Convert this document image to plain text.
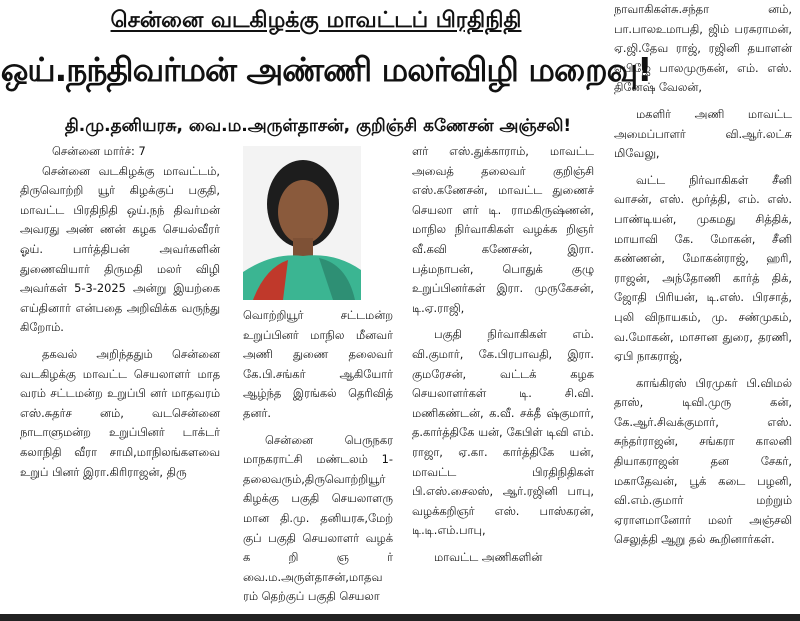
சென்னை வடகிழக்கு மாவட்டப் பிரதிநிதி
ஒய்.நந்திவர்மன் அண்ணி மலர்விழி மறைவு!
தி.மு.தனியரசு, வை.ம.அருள்தாசன், குறிஞ்சி கணேசன் அஞ்சலி!
சென்னை மார்ச்: 7

சென்னை வடகிழக்கு மாவட்டம், திருவொற்றி யூர் கிழக்குப் பகுதி, மாவட்ட பிரதிநிதி ஒய்.நந் திவர்மன் அவரது அண் ணன் கழக செயல்வீரர் ஓய். பார்த்திபன் அவர்களின் துணைவியார் திருமதி மலர் விழி அவர்கள் 5-3-2025 அன்று இயற்கை எய்தினார் என்பதை அறிவிக்க வருந்து கிறோம்.

தகவல் அறிந்ததும் சென்னை வடகிழக்கு மாவட்ட செயலாளர் மாத வரம் சட்டமன்ற உறுப்பி னர் மாதவரம் எஸ்.சுதர்ச னம், வடசென்னை நாடாளுமன்ற உறுப்பினர் டாக்டர் கலாநிதி வீரா சாமி,மாநிலங்களவை உறுப் பினர் இரா.கிரிராஜன், திரு

வொற்றியூர் சட்டமன்ற உறுப்பினர் மாநில மீனவர் அணி துணை தலைவர் கே.பி.சங்கர் ஆகியோர் ஆழ்ந்த இரங்கல் தெரிவித் தனர்.

சென்னை பெருநகர மாநகராட்சி மண்டலம் 1- தலைவரும்,திருவொற்றியூர் கிழக்கு பகுதி செயலாளரு மான தி.மு. தனியரசு,மேற் குப் பகுதி செயலாளர் வழக் க றி ஞ ர் வை.ம.அருள்தாசன்,மாதவ ரம் தெற்குப் பகுதி செயலா

ளர் எஸ்.துக்காராம், மாவட்ட அவைத் தலைவர் குறிஞ்சி எஸ்.கணேசன், மாவட்ட துணைச் செயலா ளர் டி. ராமகிருஷ்ணன், மாநில நிர்வாகிகள் வழக்க றிஞர் வீ.கவி கணேசன், இரா. பத்மநாபன், பொதுக் குழு உறுப்பினர்கள் இரா. முருகேசன், டி.ஏ.ராஜி,

பகுதி நிர்வாகிகள் எம். வி.குமார், கே.பிரபாவதி, இரா. குமரேசன், வட்டக் கழக செயலாளர்கள் டி. சி.வி. மணிகண்டன், க.வீ. சக்தீ ஷ்குமார், த.கார்த்திகே யன், கேபிள் டிவி எம். ராஜா, ஏ.கா. கார்த்திகே யன், மாவட்ட பிரதிநிதிகள் பி.எஸ்.சைலஸ், ஆர்.ரஜினி பாபு, வழக்கறிஞர் எஸ். பாஸ்கரன், டி.டி.எம்.பாபு,

மாவட்ட அணிகளின்

நாவாகிகள்சு.சந்தா னம், பா.பாலஉமாபதி, ஜிம் பரசுராமன், ஏ.ஜி.தேவ ராஜ், ரஜினி தயாளன் ஏபிஜே பாலமுருகன், எம். எஸ். தினேஷ் வேலன்,

மகளிர் அணி மாவட்ட அமைப்பாளர் வி.ஆர்.லட்சு மிவேலு,

வட்ட நிர்வாகிகள் சீனி வாசன், எஸ். மூர்த்தி, எம். எஸ். பாண்டியன், முகமது சித்திக், மாயாவி கே. மோகன், சீனி கண்ணன், மோகன்ராஜ், ஹரி, ராஜன், அந்தோணி கார்த் திக், ஜோதி பிரியன், டி.எஸ். பிரசாத், புலி விநாயகம், மு. சண்முகம், வ.மோகன், மாசான துரை, தரணி, ஏபி நாகராஜ்,

காங்கிரஸ் பிரமுகர் பி.விமல் தாஸ், டிவி.முரு கன், கே.ஆர்.சிவக்குமார், எஸ். சுந்தர்ராஜன், சங்கரா காலனி தியாகராஜன் தன சேகர், மகாதேவன், பூக் கடை பழனி, வி.எம்.குமார் மற்றும் ஏராளமானோர் மலர் அஞ்சலி செலுத்தி ஆறு தல் கூறினார்கள்.
